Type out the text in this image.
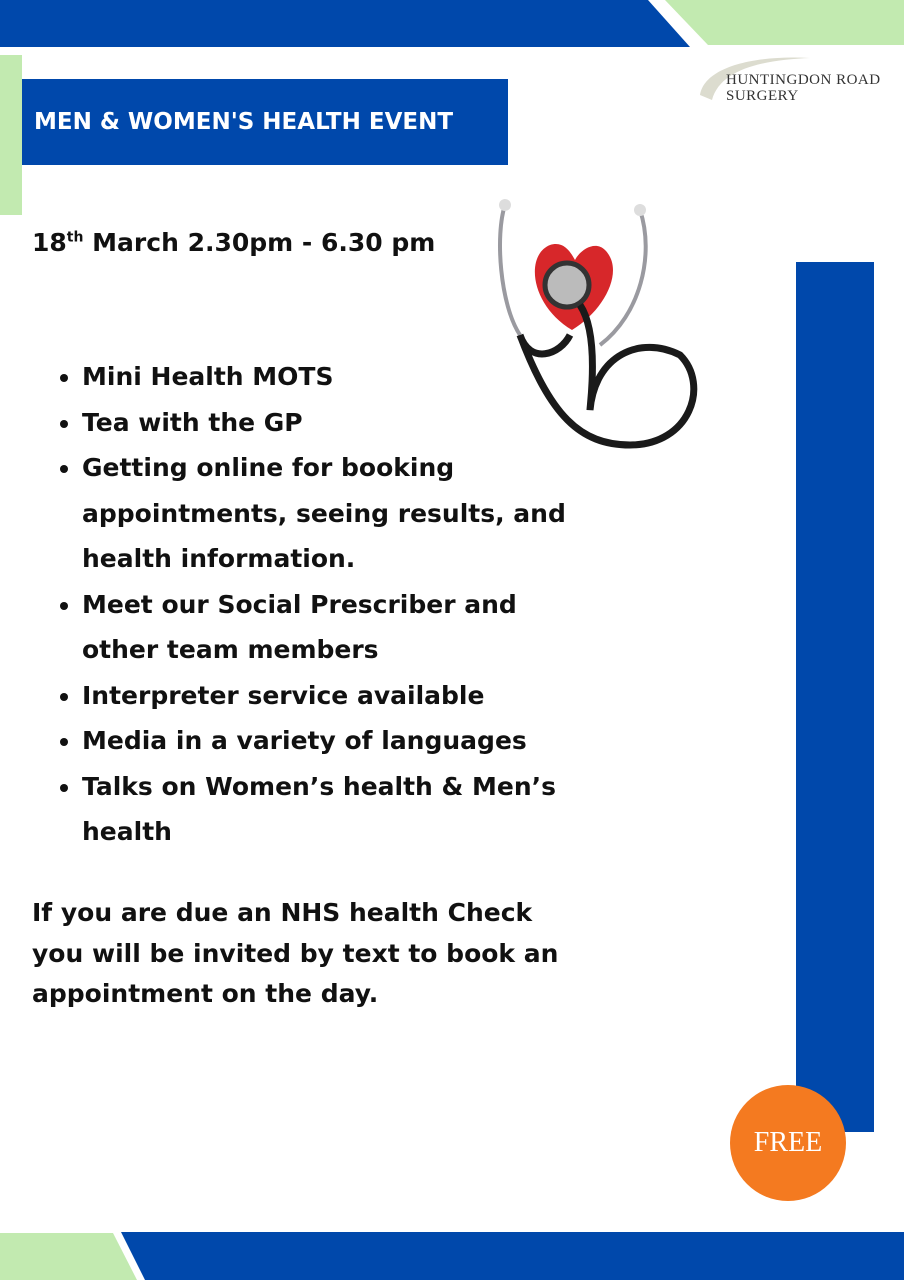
HUNTINGDON ROAD
SURGERY
MEN & WOMEN'S HEALTH EVENT
18th March 2.30pm - 6.30 pm
• Mini Health MOTS
• Tea with the GP
• Getting online for booking appointments, seeing results, and health information.
• Meet our Social Prescriber and other team members
• Interpreter service available
• Media in a variety of languages
• Talks on Women’s health & Men’s health
If you are due an NHS health Check you will be invited by text to book an appointment on the day.
FREE
